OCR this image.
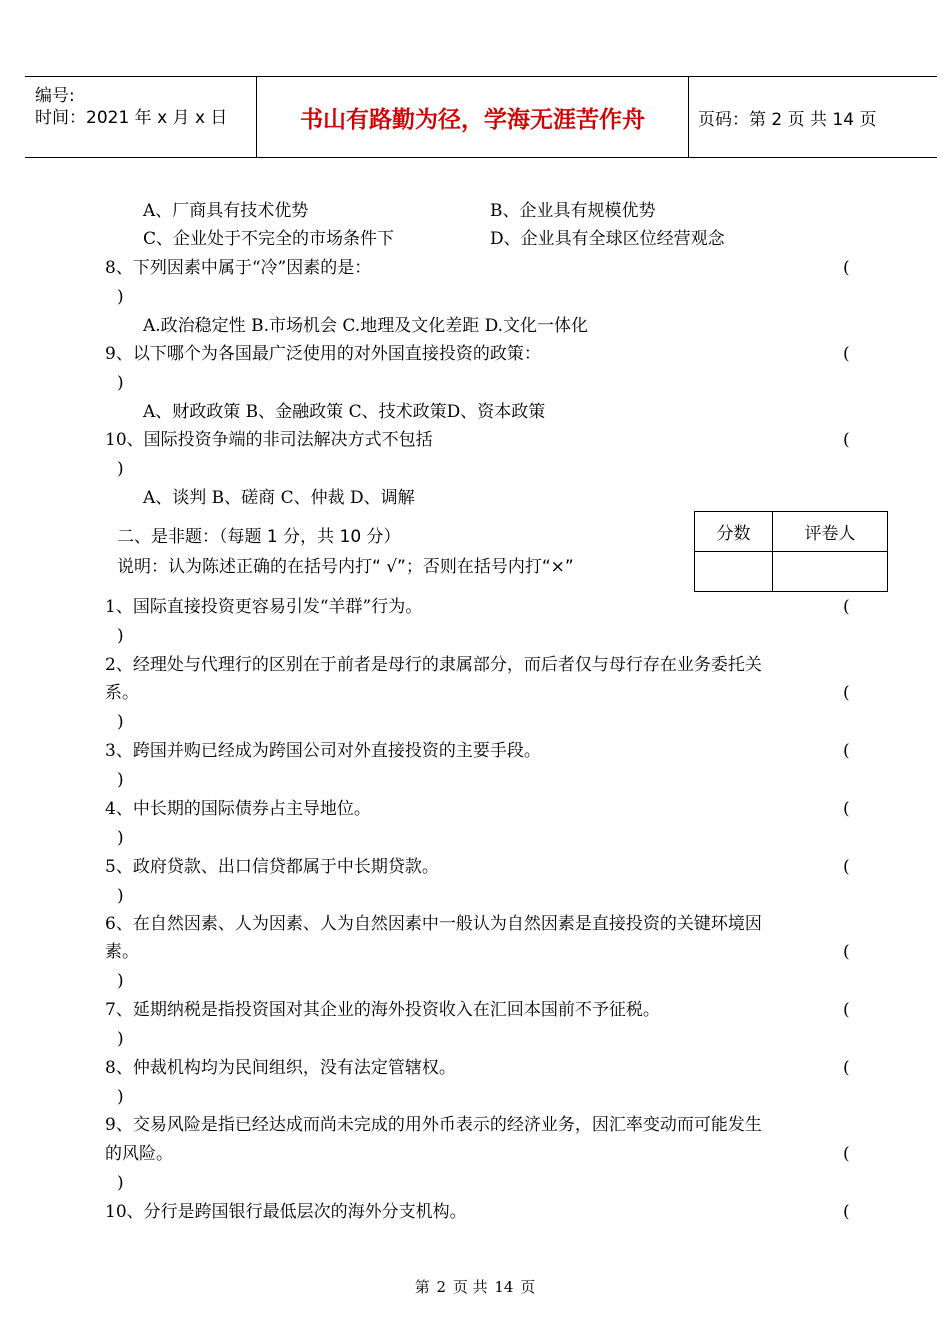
编号:
时间：2021 年 x 月 x 日	书山有路勤为径，学海无涯苦作舟	页码：第 2 页 共 14 页
A、厂商具有技术优势	B、企业具有规模优势
C、企业处于不完全的市场条件下	D、企业具有全球区位经营观念
8、下列因素中属于“冷”因素的是：	(
)
A.政治稳定性 B.市场机会 C.地理及文化差距 D.文化一体化
9、以下哪个为各国最广泛使用的对外国直接投资的政策：	(
)
A、财政政策 B、金融政策 C、技术政策D、资本政策
10、国际投资争端的非司法解决方式不包括	(
)
A、谈判 B、磋商 C、仲裁 D、调解
二、是非题：（每题 1 分，共 10 分）
说明：认为陈述正确的在括号内打“ √”；否则在括号内打“×”
分数	评卷人

1、国际直接投资更容易引发“羊群”行为。	(
)
2、经理处与代理行的区别在于前者是母行的隶属部分，而后者仅与母行存在业务委托关
系。	(
)
3、跨国并购已经成为跨国公司对外直接投资的主要手段。	(
)
4、中长期的国际债券占主导地位。	(
)
5、政府贷款、出口信贷都属于中长期贷款。	(
)
6、在自然因素、人为因素、人为自然因素中一般认为自然因素是直接投资的关键环境因
素。	(
)
7、延期纳税是指投资国对其企业的海外投资收入在汇回本国前不予征税。	(
)
8、仲裁机构均为民间组织，没有法定管辖权。	(
)
9、交易风险是指已经达成而尚未完成的用外币表示的经济业务，因汇率变动而可能发生
的风险。	(
)
10、分行是跨国银行最低层次的海外分支机构。	(
第 2 页 共 14 页
